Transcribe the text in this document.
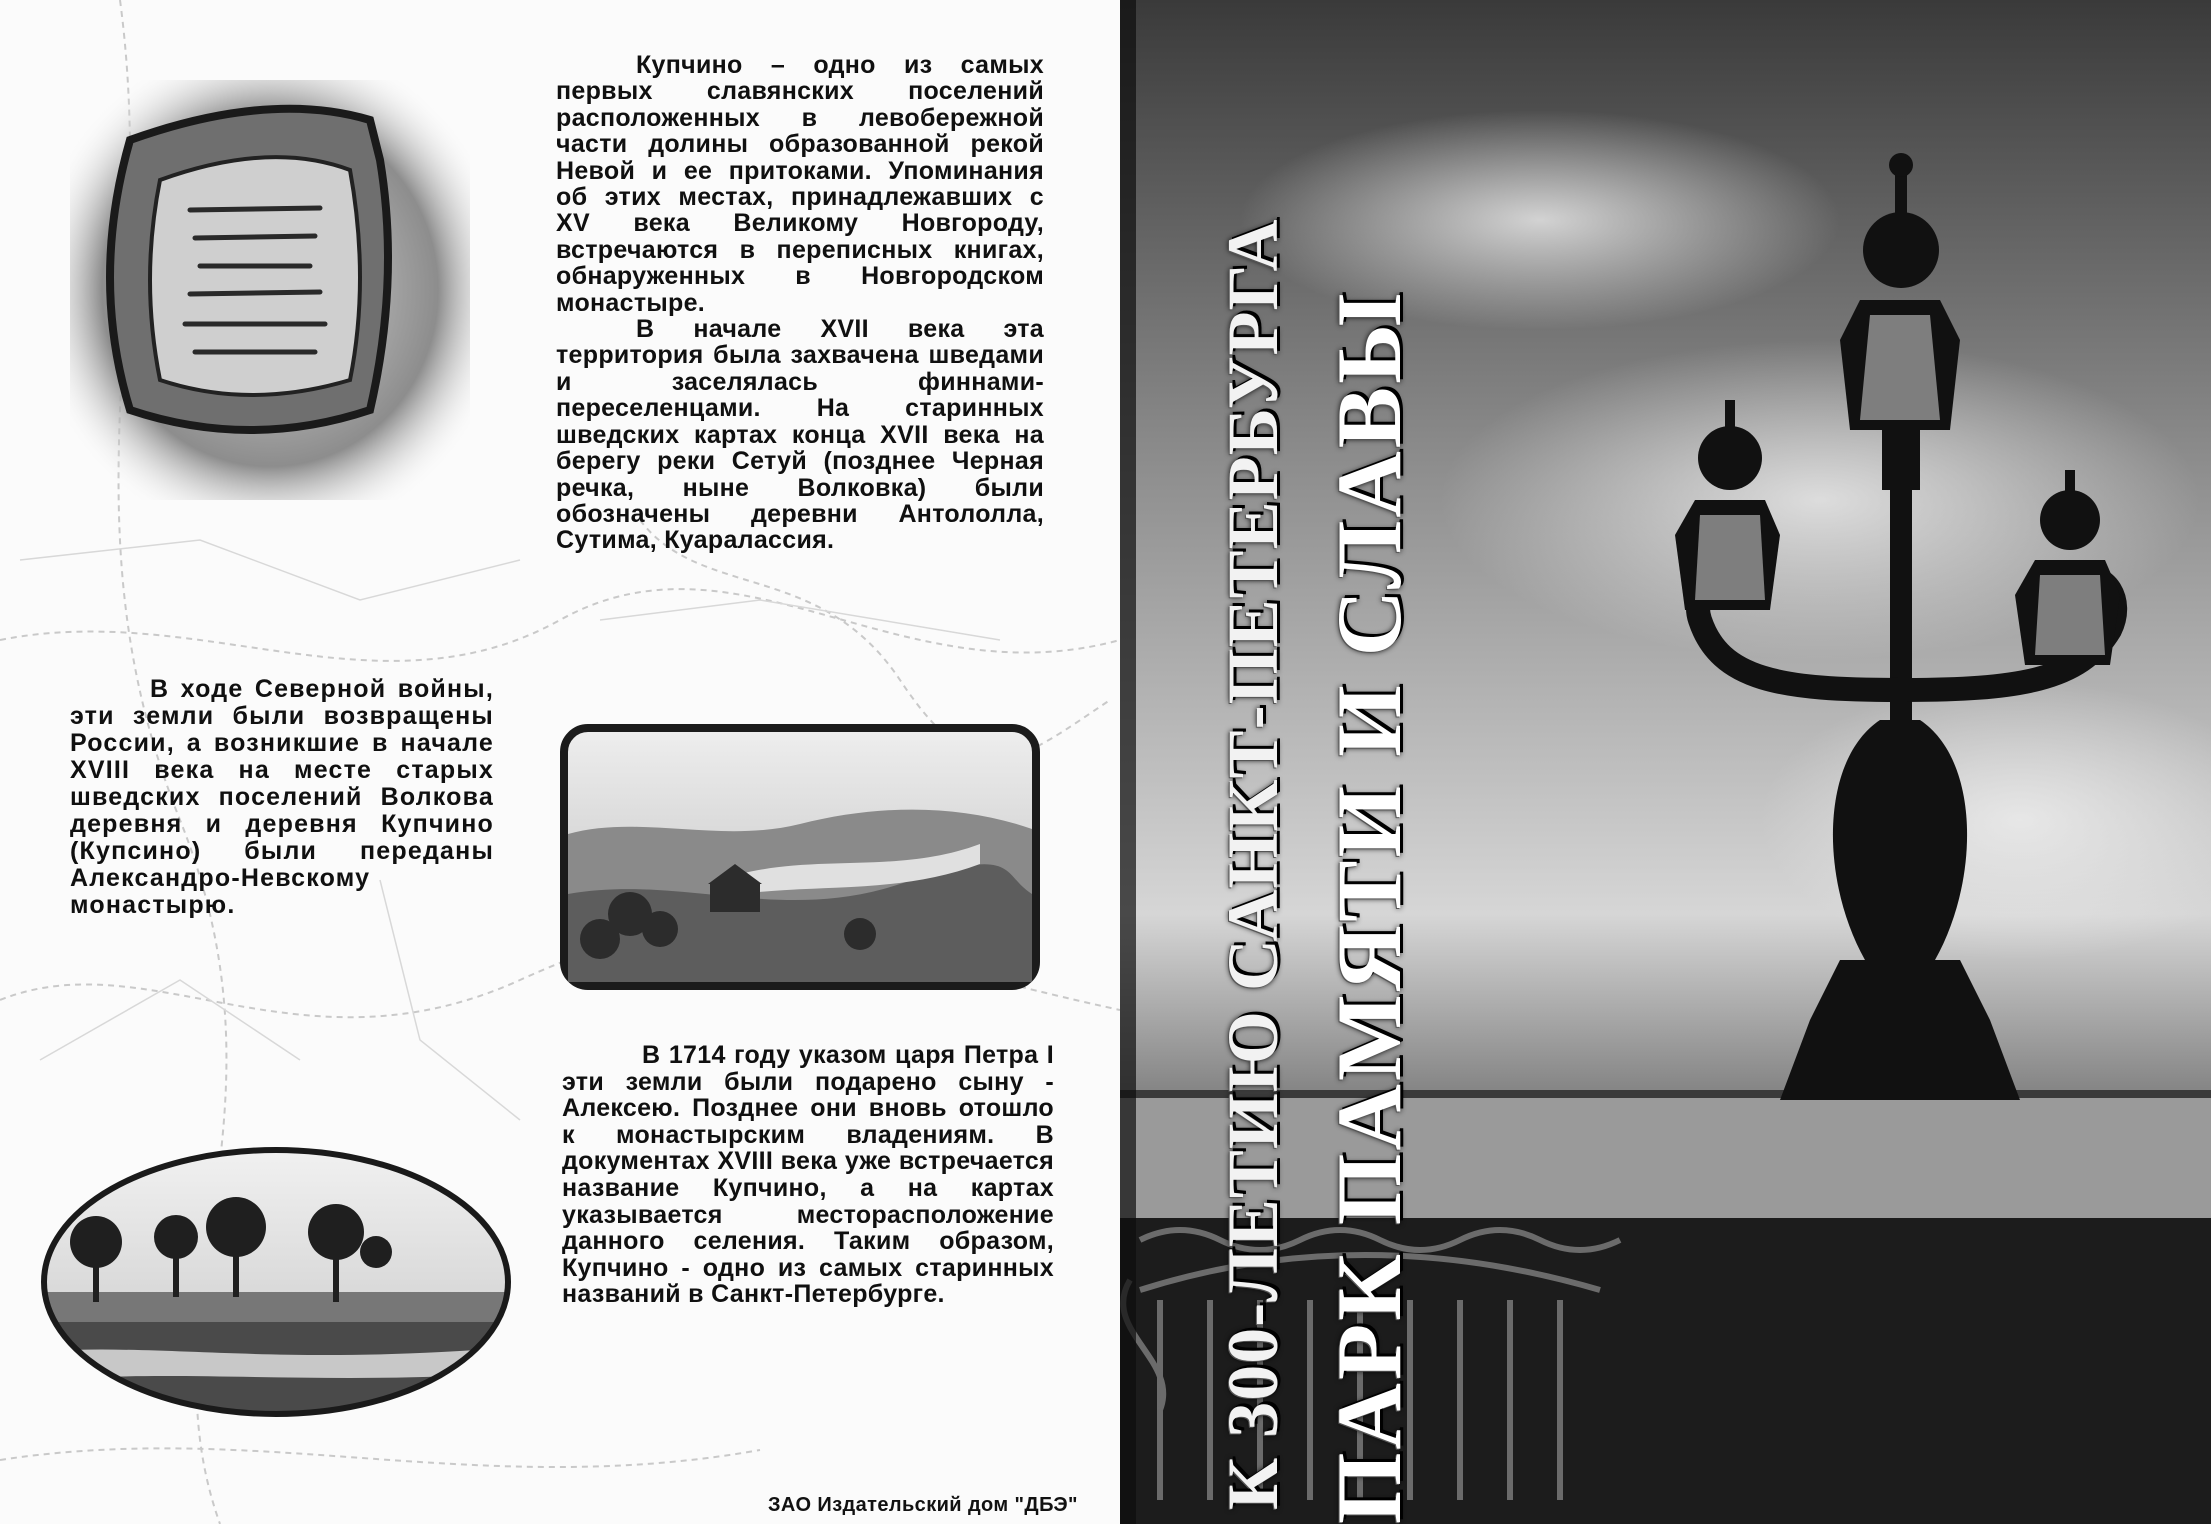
Купчино – одно из самых первых славянских поселений расположенных в левобережной части долины образованной рекой Невой и ее притоками. Упоминания об этих местах, принадлежавших с XV века Великому Новгороду, встречаются в переписных книгах, обнаруженных в Новгородском монастыре.

В начале XVII века эта территория была захвачена шведами и заселялась финнами-переселенцами. На старинных шведских картах конца XVII века на берегу реки Сетуй (позднее Черная речка, ныне Волковка) были обозначены деревни Антололла, Сутима, Куаралассия.

В ходе Северной войны, эти земли были возвращены России, а возникшие в начале XVIII века на месте старых шведских поселений Волкова деревня и деревня Купчино (Купсино) были переданы Александро-Невскому монастырю.

В 1714 году указом царя Петра I эти земли были подарено сыну - Алексею. Позднее они вновь отошло к монастырским владениям. В документах XVIII века уже встречается название Купчино, а на картах указывается месторасположение данного селения. Таким образом, Купчино - одно из самых старинных названий в Санкт-Петербурге.

ЗАО Издательский дом "ДБЭ" К 300-ЛЕТИЮ САНКТ-ПЕТЕРБУРГА ПАРК ПАМЯТИ И СЛАВЫ
